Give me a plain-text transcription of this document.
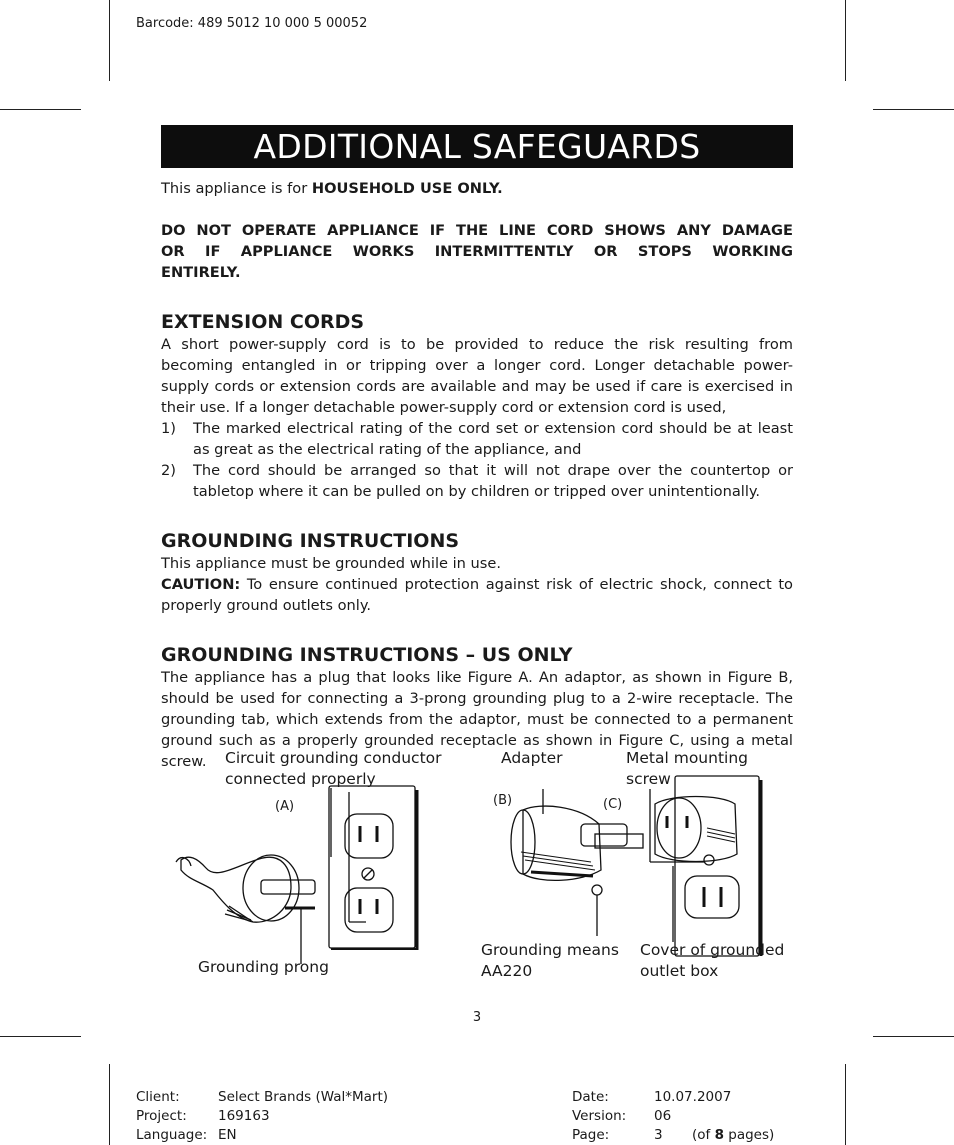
Barcode: 489 5012 10 000 5 00052
ADDITIONAL SAFEGUARDS

This appliance is for HOUSEHOLD USE ONLY.

DO NOT OPERATE APPLIANCE IF THE LINE CORD SHOWS ANY DAMAGE OR IF APPLIANCE WORKS INTERMITTENTLY OR STOPS WORKING ENTIRELY.

EXTENSION CORDS

A short power-supply cord is to be provided to reduce the risk resulting from becoming entangled in or tripping over a longer cord. Longer detachable power-supply cords or extension cords are available and may be used if care is exercised in their use. If a longer detachable power-supply cord or extension cord is used,

1)	The marked electrical rating of the cord set or extension cord should be at least as great as the electrical rating of the appliance, and
2)	The cord should be arranged so that it will not drape over the countertop or tabletop where it can be pulled on by children or tripped over unintentionally.
GROUNDING INSTRUCTIONS

This appliance must be grounded while in use.

CAUTION: To ensure continued protection against risk of electric shock, connect to properly ground outlets only.

GROUNDING INSTRUCTIONS – US ONLY

The appliance has a plug that looks like Figure A. An adaptor, as shown in Figure B, should be used for connecting a 3-prong grounding plug to a 2-wire receptacle. The grounding tab, which extends from the adaptor, must be connected to a permanent ground such as a properly grounded receptacle as shown in Figure C, using a metal screw.	Circuit grounding conductor
connected properly
(A)
Adapter	Metal mounting
screw
(B)	(C)
Grounding prong
Grounding means
AA220
Cover of grounded
outlet box
3
Client:	Select Brands (Wal*Mart)
Project:	169163
Language: EN
Date:	10.07.2007
Version:	06
Page:	3	(of 8 pages)
